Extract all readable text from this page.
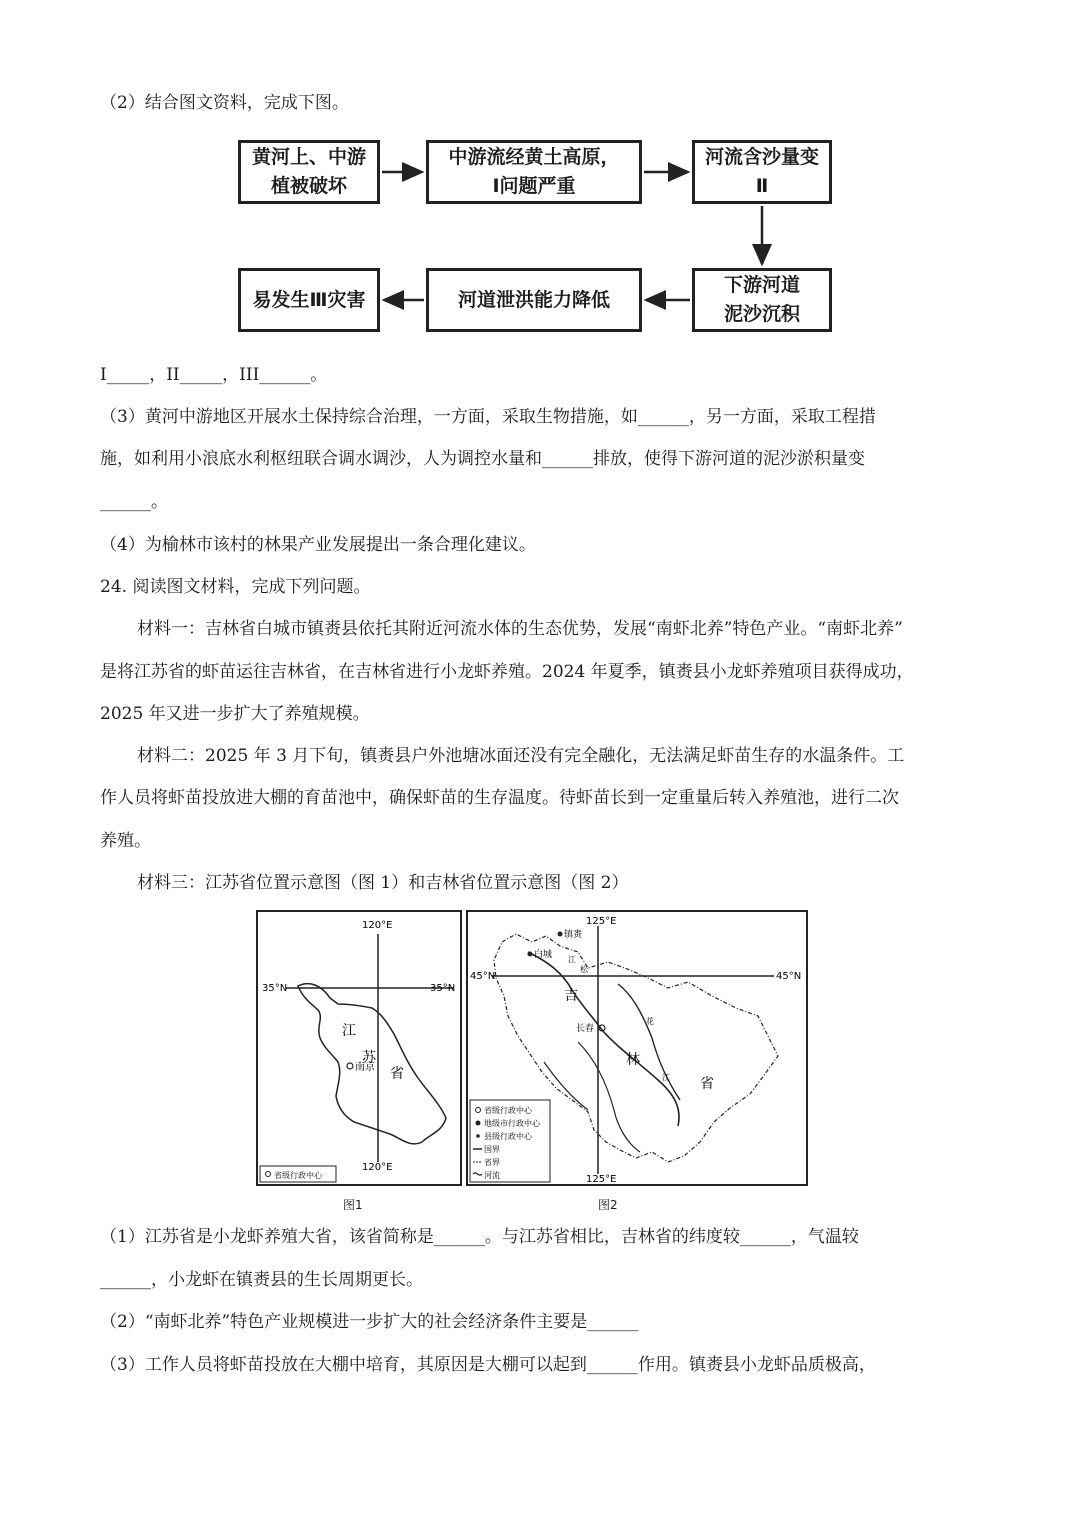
（2）结合图文资料，完成下图。
黄河上、中游
植被破坏
中游流经黄土高原，
Ⅰ问题严重
河流含沙量变
Ⅱ
下游河道
泥沙沉积
河道泄洪能力降低
易发生Ⅲ灾害
I_____，II_____，III______。
（3）黄河中游地区开展水土保持综合治理，一方面，采取生物措施，如______，另一方面，采取工程措
施，如利用小浪底水利枢纽联合调水调沙，人为调控水量和______排放，使得下游河道的泥沙淤积量变
______。
（4）为榆林市该村的林果产业发展提出一条合理化建议。
24. 阅读图文材料，完成下列问题。
材料一：吉林省白城市镇赉县依托其附近河流水体的生态优势，发展“南虾北养”特色产业。“南虾北养”
是将江苏省的虾苗运往吉林省，在吉林省进行小龙虾养殖。2024 年夏季，镇赉县小龙虾养殖项目获得成功，
2025 年又进一步扩大了养殖规模。
材料二：2025 年 3 月下旬，镇赉县户外池塘冰面还没有完全融化，无法满足虾苗生存的水温条件。工
作人员将虾苗投放进大棚的育苗池中，确保虾苗的生存温度。待虾苗长到一定重量后转入养殖池，进行二次
养殖。
材料三：江苏省位置示意图（图 1）和吉林省位置示意图（图 2）
120°E
120°E
35°N	35°N
江
苏
省
南京
省级行政中心
125°E
125°E
45°N	45°N
吉
林
省
镇赉
白城
长春
江
松
花
江
省级行政中心
地级市行政中心
县级行政中心
国界
省界
河流
图1	图2
（1）江苏省是小龙虾养殖大省，该省简称是______。与江苏省相比，吉林省的纬度较______，气温较
______，小龙虾在镇赉县的生长周期更长。
（2）“南虾北养”特色产业规模进一步扩大的社会经济条件主要是______
（3）工作人员将虾苗投放在大棚中培育，其原因是大棚可以起到______作用。镇赉县小龙虾品质极高，
